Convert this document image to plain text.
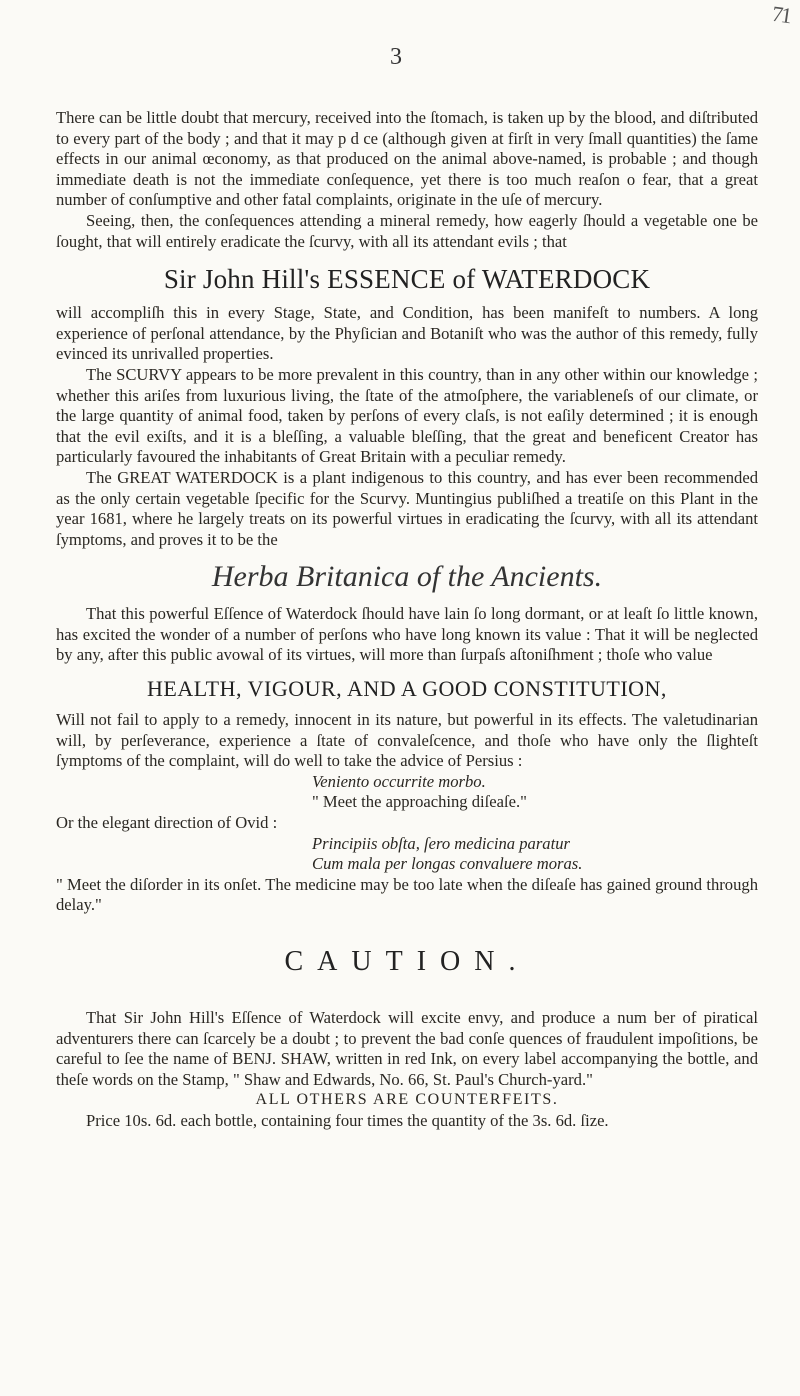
71
3

There can be little doubt that mercury, received into the ſtomach, is taken up by the blood, and diſtributed to every part of the body ; and that it may p d ce (although given at firſt in very ſmall quantities) the ſame effects in our animal œconomy, as that produced on the animal above-named, is probable ; and though immediate death is not the immediate conſequence, yet there is too much reaſon o fear, that a great number of conſumptive and other fatal complaints, originate in the uſe of mercury.

Seeing, then, the conſequences attending a mineral remedy, how eagerly ſhould a vegetable one be ſought, that will entirely eradicate the ſcurvy, with all its attendant evils ; that

Sir John Hill's ESSENCE of WATERDOCK

will accompliſh this in every Stage, State, and Condition, has been manifeſt to numbers. A long experience of perſonal attendance, by the Phyſician and Botaniſt who was the author of this remedy, fully evinced its unrivalled properties.

The SCURVY appears to be more prevalent in this country, than in any other within our knowledge ; whether this ariſes from luxurious living, the ſtate of the atmoſphere, the variableneſs of our climate, or the large quantity of animal food, taken by perſons of every claſs, is not eaſily determined ; it is enough that the evil exiſts, and it is a bleſſing, a valuable bleſſing, that the great and beneficent Creator has particularly favoured the inhabitants of Great Britain with a peculiar remedy.

The GREAT WATERDOCK is a plant indigenous to this country, and has ever been recommended as the only certain vegetable ſpecific for the Scurvy. Muntingius publiſhed a treatiſe on this Plant in the year 1681, where he largely treats on its powerful virtues in eradicating the ſcurvy, with all its attendant ſymptoms, and proves it to be the

Herba Britanica of the Ancients.

That this powerful Eſſence of Waterdock ſhould have lain ſo long dormant, or at leaſt ſo little known, has excited the wonder of a number of perſons who have long known its value : That it will be neglected by any, after this public avowal of its virtues, will more than ſurpaſs aſtoniſhment ; thoſe who value

HEALTH, VIGOUR, AND A GOOD CONSTITUTION,

Will not fail to apply to a remedy, innocent in its nature, but powerful in its effects. The valetudinarian will, by perſeverance, experience a ſtate of convaleſcence, and thoſe who have only the ſlighteſt ſymptoms of the complaint, will do well to take the advice of Persius :

Veniento occurrite morbo.

" Meet the approaching diſeaſe."

Or the elegant direction of Ovid :

Principiis obſta, ſero medicina paratur

Cum mala per longas convaluere moras.

" Meet the diſorder in its onſet. The medicine may be too late when the diſeaſe has gained ground through delay."

CAUTION.

That Sir John Hill's Eſſence of Waterdock will excite envy, and produce a num ber of piratical adventurers there can ſcarcely be a doubt ; to prevent the bad conſe quences of fraudulent impoſitions, be careful to ſee the name of BENJ. SHAW, written in red Ink, on every label accompanying the bottle, and theſe words on the Stamp, " Shaw and Edwards, No. 66, St. Paul's Church-yard."

ALL OTHERS ARE COUNTERFEITS.

Price 10s. 6d. each bottle, containing four times the quantity of the 3s. 6d. ſize.
